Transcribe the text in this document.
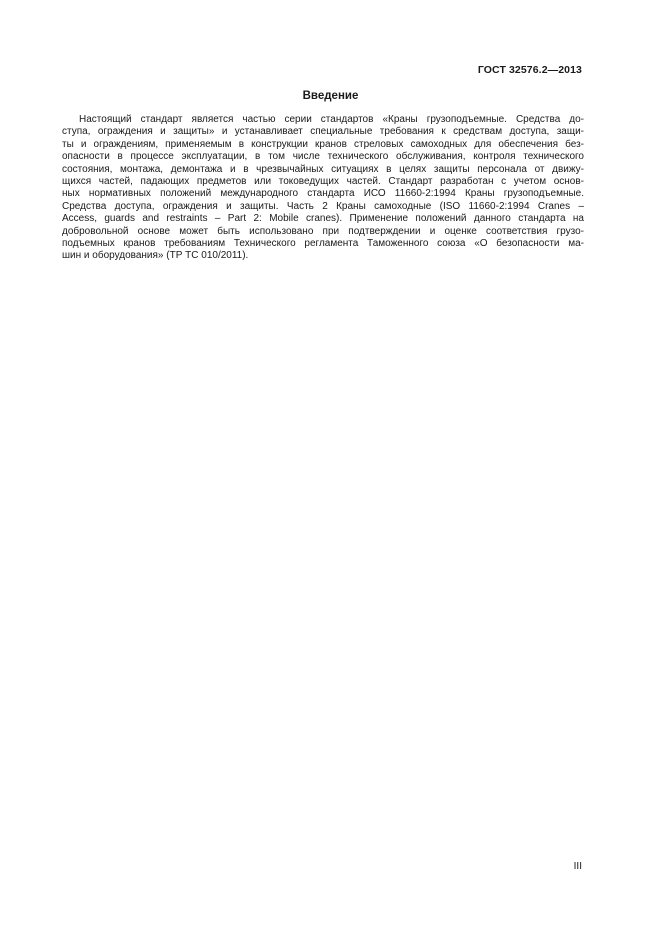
ГОСТ 32576.2—2013
Введение

Настоящий стандарт является частью серии стандартов «Краны грузоподъемные. Средства до-
ступа, ограждения и защиты» и устанавливает специальные требования к средствам доступа, защи-
ты и ограждениям, применяемым в конструкции кранов стреловых самоходных для обеспечения без-
опасности в процессе эксплуатации, в том числе технического обслуживания, контроля технического
состояния, монтажа, демонтажа и в чрезвычайных ситуациях в целях защиты персонала от движу-
щихся частей, падающих предметов или токоведущих частей. Стандарт разработан с учетом основ-
ных нормативных положений международного стандарта ИСО 11660-2:1994 Краны грузоподъемные.
Средства доступа, ограждения и защиты. Часть 2 Краны самоходные (ISO 11660-2:1994 Cranes –
Access, guards and restraints – Part 2: Mobile cranes). Применение положений данного стандарта на
добровольной основе может быть использовано при подтверждении и оценке соответствия грузо-
подъемных кранов требованиям Технического регламента Таможенного союза «О безопасности ма-
шин и оборудования» (ТР ТС 010/2011).

III
